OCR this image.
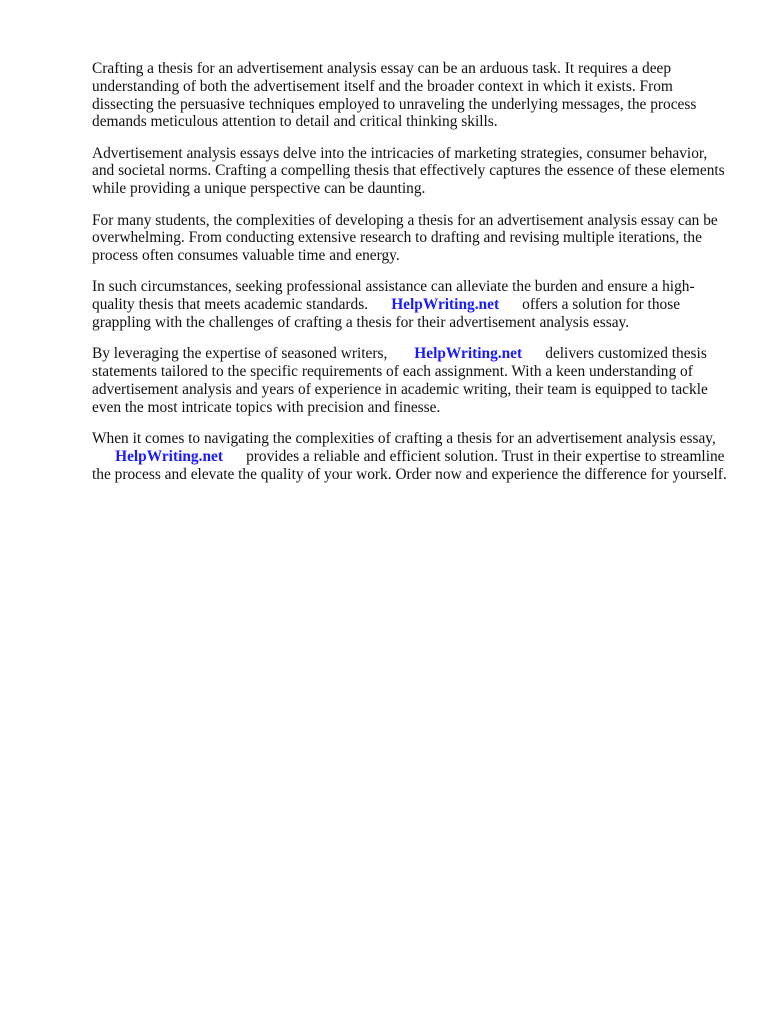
Crafting a thesis for an advertisement analysis essay can be an arduous task. It requires a deep understanding of both the advertisement itself and the broader context in which it exists. From dissecting the persuasive techniques employed to unraveling the underlying messages, the process demands meticulous attention to detail and critical thinking skills.

Advertisement analysis essays delve into the intricacies of marketing strategies, consumer behavior, and societal norms. Crafting a compelling thesis that effectively captures the essence of these elements while providing a unique perspective can be daunting.

For many students, the complexities of developing a thesis for an advertisement analysis essay can be overwhelming. From conducting extensive research to drafting and revising multiple iterations, the process often consumes valuable time and energy.

In such circumstances, seeking professional assistance can alleviate the burden and ensure a high-quality thesis that meets academic standards. HelpWriting.net offers a solution for those grappling with the challenges of crafting a thesis for their advertisement analysis essay.

By leveraging the expertise of seasoned writers, HelpWriting.net delivers customized thesis statements tailored to the specific requirements of each assignment. With a keen understanding of advertisement analysis and years of experience in academic writing, their team is equipped to tackle even the most intricate topics with precision and finesse.

When it comes to navigating the complexities of crafting a thesis for an advertisement analysis essay,       HelpWriting.net provides a reliable and efficient solution. Trust in their expertise to streamline the process and elevate the quality of your work. Order now and experience the difference for yourself.
